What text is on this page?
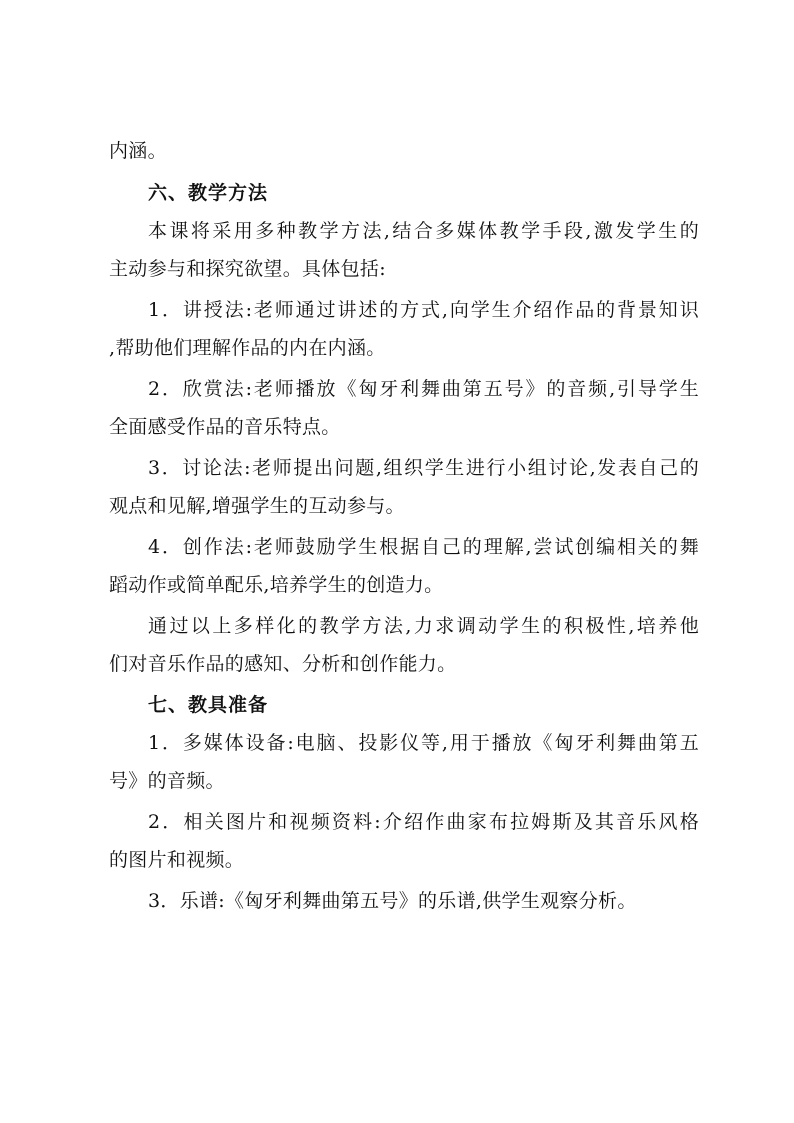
内涵。
六、教学方法
本课将采用多种教学方法,结合多媒体教学手段,激发学生的
主动参与和探究欲望。具体包括:
1．讲授法:老师通过讲述的方式,向学生介绍作品的背景知识
,帮助他们理解作品的内在内涵。
2．欣赏法:老师播放《匈牙利舞曲第五号》的音频,引导学生
全面感受作品的音乐特点。
3．讨论法:老师提出问题,组织学生进行小组讨论,发表自己的
观点和见解,增强学生的互动参与。
4．创作法:老师鼓励学生根据自己的理解,尝试创编相关的舞
蹈动作或简单配乐,培养学生的创造力。
通过以上多样化的教学方法,力求调动学生的积极性,培养他
们对音乐作品的感知、分析和创作能力。
七、教具准备
1．多媒体设备:电脑、投影仪等,用于播放《匈牙利舞曲第五
号》的音频。
2．相关图片和视频资料:介绍作曲家布拉姆斯及其音乐风格
的图片和视频。
3．乐谱:《匈牙利舞曲第五号》的乐谱,供学生观察分析。
